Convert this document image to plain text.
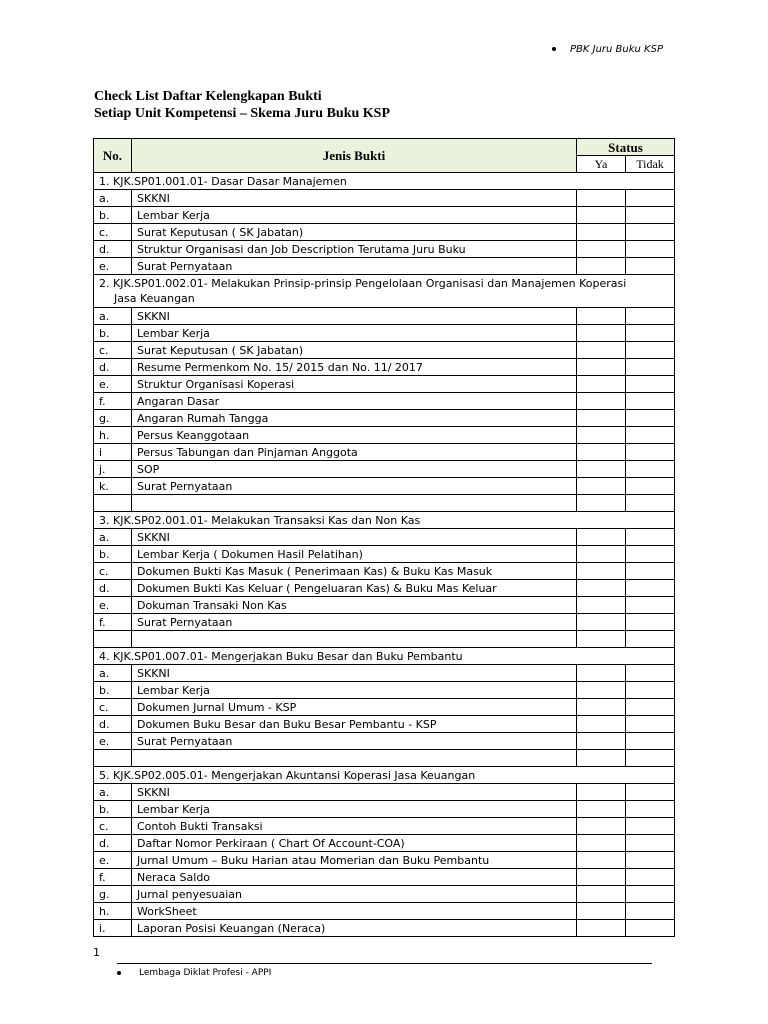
PBK Juru Buku KSP
Check List Daftar Kelengkapan Bukti
Setiap Unit Kompetensi – Skema Juru Buku KSP
No.	Jenis Bukti	Status	
		Ya	Tidak

1. KJK.SP01.001.01- Dasar Dasar Manajemen			

a.	SKKNI		
b.	Lembar Kerja		
c.	Surat Keputusan ( SK Jabatan)		
d.	Struktur Organisasi dan Job Description Terutama Juru Buku		
e.	Surat Pernyataan		

2. KJK.SP01.002.01- Melakukan Prinsip-prinsip Pengelolaan Organisasi dan Manajemen Koperasi
Jasa Keuangan			

a.	SKKNI		
b.	Lembar Kerja		
c.	Surat Keputusan ( SK Jabatan)		
d.	Resume Permenkom No. 15/ 2015 dan No. 11/ 2017		
e.	Struktur Organisasi Koperasi		
f.	Angaran Dasar		
g.	Angaran Rumah Tangga		
h.	Persus Keanggotaan		
i	Persus Tabungan dan Pinjaman Anggota		
j.	SOP		
k.	Surat Pernyataan		

3. KJK.SP02.001.01- Melakukan Transaksi Kas dan Non Kas			

a.	SKKNI		
b.	Lembar Kerja ( Dokumen Hasil Pelatihan)		
c.	Dokumen Bukti Kas Masuk ( Penerimaan Kas) & Buku Kas Masuk		
d.	Dokumen Bukti Kas Keluar ( Pengeluaran Kas) & Buku Mas Keluar		
e.	Dokuman Transaki Non Kas		
f.	Surat Pernyataan		

4. KJK.SP01.007.01- Mengerjakan Buku Besar dan Buku Pembantu			

a.	SKKNI		
b.	Lembar Kerja		
c.	Dokumen Jurnal Umum - KSP		
d.	Dokumen Buku Besar dan Buku Besar Pembantu - KSP		
e.	Surat Pernyataan		

5. KJK.SP02.005.01- Mengerjakan Akuntansi Koperasi Jasa Keuangan			

a.	SKKNI		
b.	Lembar Kerja		
c.	Contoh Bukti Transaksi		
d.	Daftar Nomor Perkiraan ( Chart Of Account-COA)		
e.	Jurnal Umum – Buku Harian atau Momerian dan Buku Pembantu		
f.	Neraca Saldo		
g.	Jurnal penyesuaian		
h.	WorkSheet		
i.	Laporan Posisi Keuangan (Neraca)		
1
Lembaga Diklat Profesi - APPI
